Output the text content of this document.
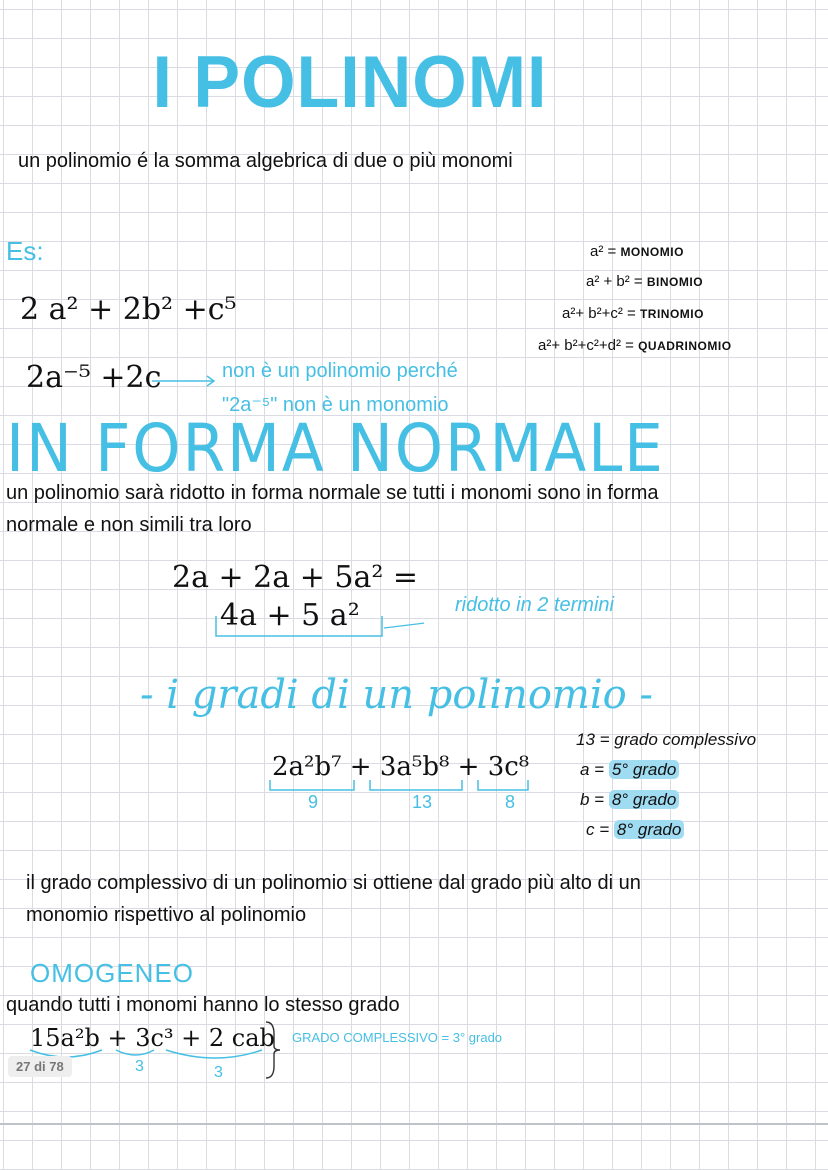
I POLINOMI
un polinomio é la somma algebrica di due o più monomi
Es:	a² = MONOMIO
a² + b² = BINOMIO
a²+ b²+c² = TRINOMIO
a²+ b²+c²+d² = QUADRINOMIO
2 a² + 2b² +c⁵
2a⁻⁵ +2c	non è un polinomio perché
"2a⁻⁵" non è un monomio
IN FORMA NORMALE
un polinomio sarà ridotto in forma normale se tutti i monomi sono in forma
normale e non simili tra loro
2a + 2a + 5a² =
4a + 5 a²	ridotto in 2 termini
- i gradi di un polinomio -
2a²b⁷ + 3a⁵b⁸ + 3c⁸
9	13	8
13 = grado complessivo
a = 5° grado
b = 8° grado
c = 8° grado
il grado complessivo di un polinomio si ottiene dal grado più alto di un
monomio rispettivo al polinomio
OMOGENEO
quando tutti i monomi hanno lo stesso grado
15a²b + 3c³ + 2 cab
3	3
GRADO COMPLESSIVO = 3° grado
27 di 78
